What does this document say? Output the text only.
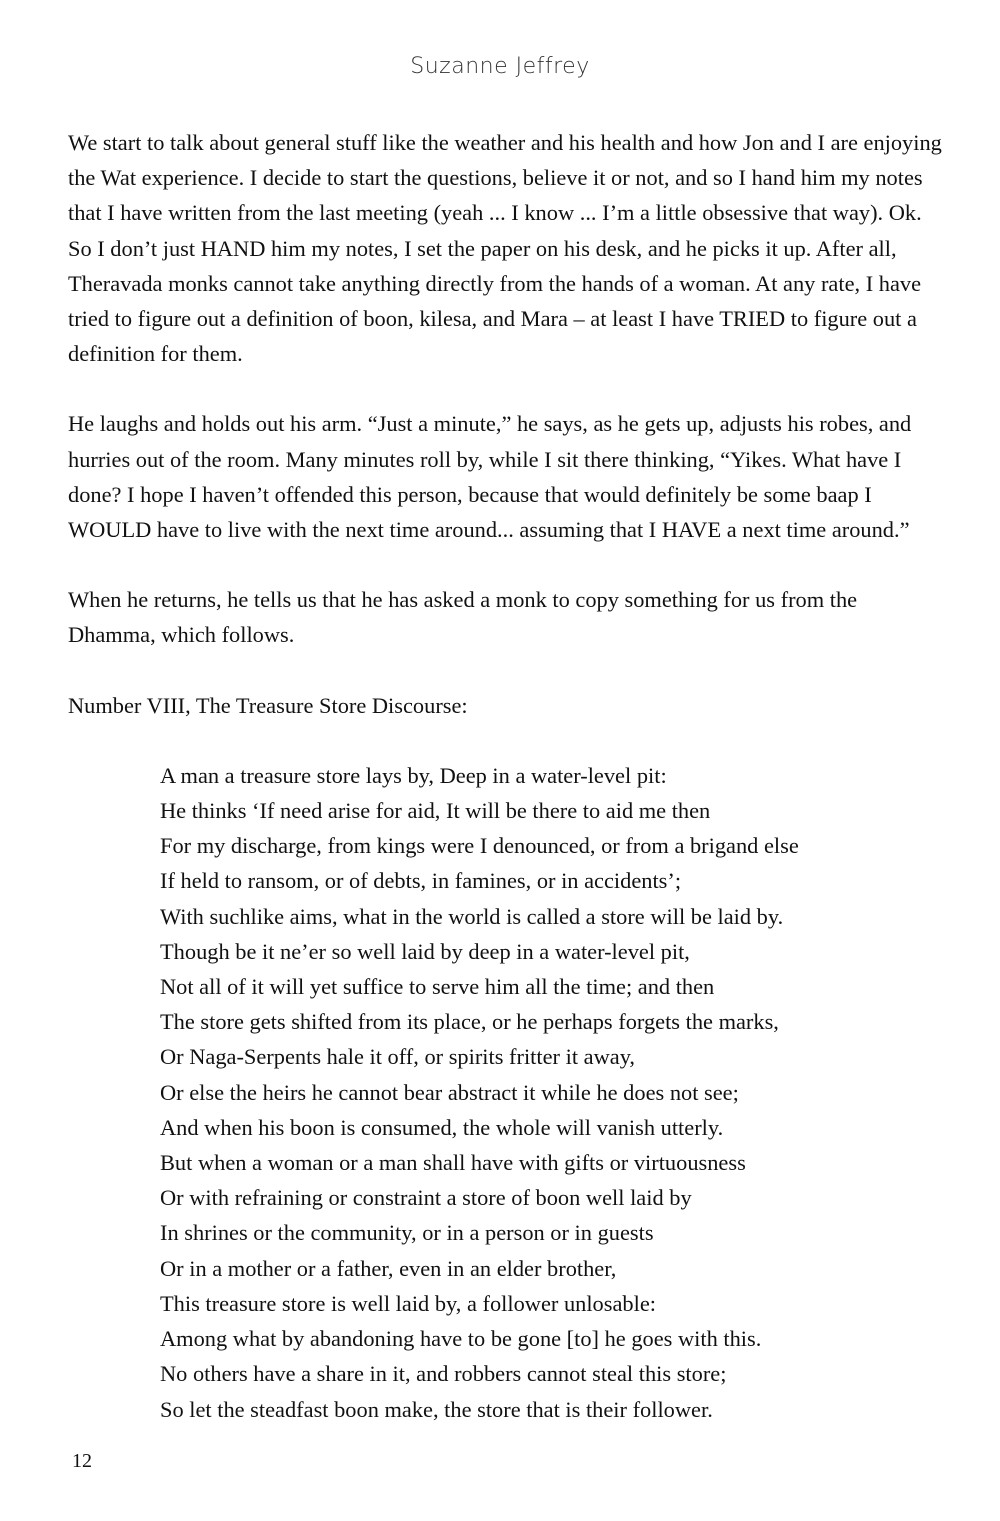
Suzanne Jeffrey

We start to talk about general stuff like the weather and his health and how Jon and I are enjoying the Wat experience. I decide to start the questions, believe it or not, and so I hand him my notes that I have written from the last meeting (yeah ... I know ... I’m a little obsessive that way). Ok. So I don’t just HAND him my notes, I set the paper on his desk, and he picks it up. After all, Theravada monks cannot take anything directly from the hands of a woman. At any rate, I have tried to figure out a definition of boon, kilesa, and Mara – at least I have TRIED to figure out a definition for them.

He laughs and holds out his arm. “Just a minute,” he says, as he gets up, adjusts his robes, and hurries out of the room. Many minutes roll by, while I sit there thinking, “Yikes. What have I done? I hope I haven’t offended this person, because that would definitely be some baap I WOULD have to live with the next time around... assuming that I HAVE a next time around.”

When he returns, he tells us that he has asked a monk to copy something for us from the Dhamma, which follows.

Number VIII, The Treasure Store Discourse:

A man a treasure store lays by, Deep in a water-level pit:
He thinks ‘If need arise for aid, It will be there to aid me then
For my discharge, from kings were I denounced, or from a brigand else
If held to ransom, or of debts, in famines, or in accidents’;
With suchlike aims, what in the world is called a store will be laid by.
Though be it ne’er so well laid by deep in a water-level pit,
Not all of it will yet suffice to serve him all the time; and then
The store gets shifted from its place, or he perhaps forgets the marks,
Or Naga-Serpents hale it off, or spirits fritter it away,
Or else the heirs he cannot bear abstract it while he does not see;
And when his boon is consumed, the whole will vanish utterly.
But when a woman or a man shall have with gifts or virtuousness
Or with refraining or constraint a store of boon well laid by
In shrines or the community, or in a person or in guests
Or in a mother or a father, even in an elder brother,
This treasure store is well laid by, a follower unlosable:
Among what by abandoning have to be gone [to] he goes with this.
No others have a share in it, and robbers cannot steal this store;
So let the steadfast boon make, the store that is their follower.
12
